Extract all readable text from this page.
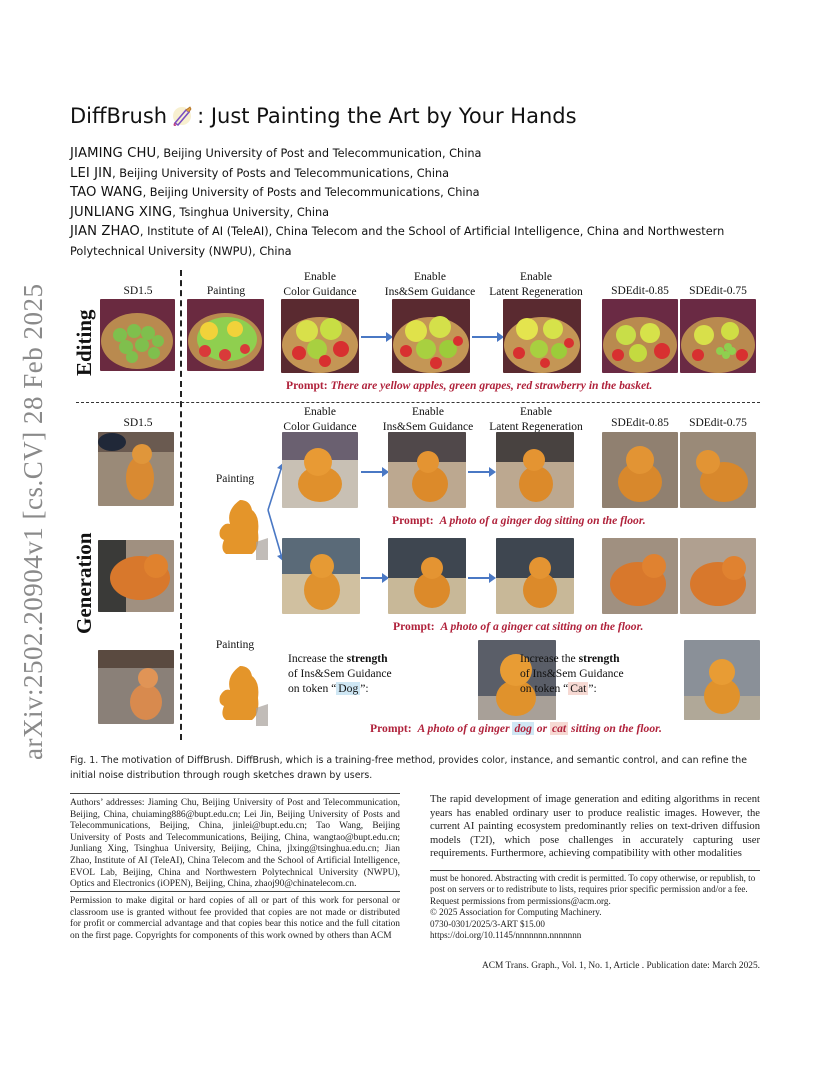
arXiv:2502.20904v1 [cs.CV] 28 Feb 2025
DiffBrush : Just Painting the Art by Your Hands
JIAMING CHU, Beijing University of Post and Telecommunication, China
LEI JIN, Beijing University of Posts and Telecommunications, China
TAO WANG, Beijing University of Posts and Telecommunications, China
JUNLIANG XING, Tsinghua University, China
JIAN ZHAO, Institute of AI (TeleAI), China Telecom and the School of Artificial Intelligence, China and Northwestern
Polytechnical University (NWPU), China
Editing
Generation
SD1.5	Painting
Enable
Color Guidance
Enable
Ins&Sem Guidance
Enable
Latent Regeneration	SDEdit-0.85	SDEdit-0.75
Prompt: There are yellow apples, green grapes, red strawberry in the basket.
SD1.5
Enable
Color Guidance
Enable
Ins&Sem Guidance
Enable
Latent Regeneration	SDEdit-0.85	SDEdit-0.75
Painting
Prompt: A photo of a ginger dog sitting on the floor.
Prompt: A photo of a ginger cat sitting on the floor.
Painting
Increase the strength
of Ins&Sem Guidance
on token “ Dog ”:
Increase the strength
of Ins&Sem Guidance
on token “ Cat ”:
Prompt: A photo of a ginger dog or cat sitting on the floor.
Fig. 1. The motivation of DiffBrush. DiffBrush, which is a training-free method, provides color, instance, and semantic control, and can refine the initial noise distribution through rough sketches drawn by users.
Authors’ addresses: Jiaming Chu, Beijing University of Post and Telecommunication, Beijing, China, chuiaming886@bupt.edu.cn; Lei Jin, Beijing University of Posts and Telecommunications, Beijing, China, jinlei@bupt.edu.cn; Tao Wang, Beijing University of Posts and Telecommunications, Beijing, China, wangtao@bupt.edu.cn; Junliang Xing, Tsinghua University, Beijing, China, jlxing@tsinghua.edu.cn; Jian Zhao, Institute of AI (TeleAI), China Telecom and the School of Artificial Intelligence, EVOL Lab, Beijing, China and Northwestern Polytechnical University (NWPU), Optics and Electronics (iOPEN), Beijing, China, zhaoj90@chinatelecom.cn.
Permission to make digital or hard copies of all or part of this work for personal or classroom use is granted without fee provided that copies are not made or distributed for profit or commercial advantage and that copies bear this notice and the full citation on the first page. Copyrights for components of this work owned by others than ACM
The rapid development of image generation and editing algorithms in recent years has enabled ordinary user to produce realistic images. However, the current AI painting ecosystem predominantly relies on text-driven diffusion models (T2I), which pose challenges in accurately capturing user requirements. Furthermore, achieving compatibility with other modalities
must be honored. Abstracting with credit is permitted. To copy otherwise, or republish, to post on servers or to redistribute to lists, requires prior specific permission and/or a fee. Request permissions from permissions@acm.org.
© 2025 Association for Computing Machinery.
0730-0301/2025/3-ART $15.00
https://doi.org/10.1145/nnnnnnn.nnnnnnn
ACM Trans. Graph., Vol. 1, No. 1, Article . Publication date: March 2025.
